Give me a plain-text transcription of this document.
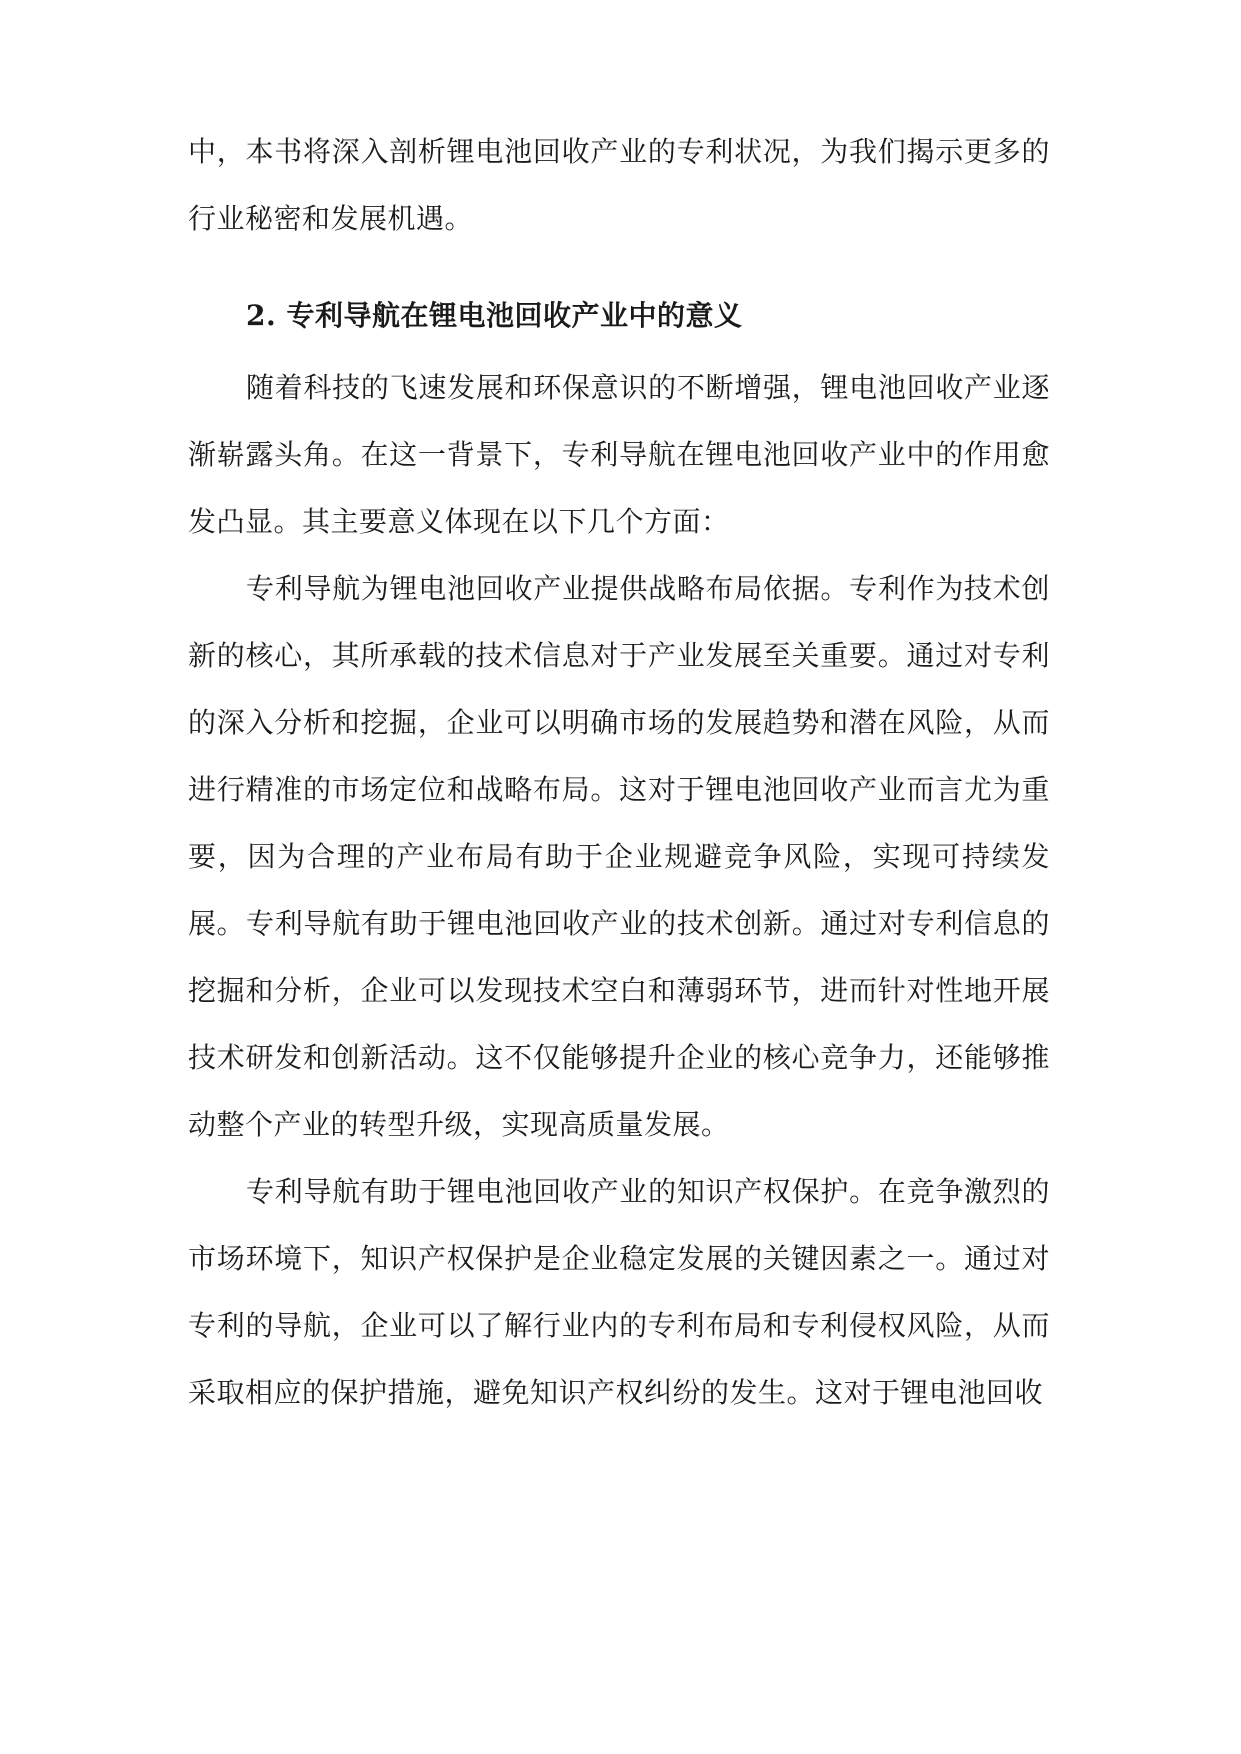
中，本书将深入剖析锂电池回收产业的专利状况，为我们揭示更多的行业秘密和发展机遇。

2. 专利导航在锂电池回收产业中的意义

随着科技的飞速发展和环保意识的不断增强，锂电池回收产业逐渐崭露头角。在这一背景下，专利导航在锂电池回收产业中的作用愈发凸显。其主要意义体现在以下几个方面：

专利导航为锂电池回收产业提供战略布局依据。专利作为技术创新的核心，其所承载的技术信息对于产业发展至关重要。通过对专利的深入分析和挖掘，企业可以明确市场的发展趋势和潜在风险，从而进行精准的市场定位和战略布局。这对于锂电池回收产业而言尤为重要，因为合理的产业布局有助于企业规避竞争风险，实现可持续发展。 专利导航有助于锂电池回收产业的技术创新。通过对专利信息的挖掘和分析，企业可以发现技术空白和薄弱环节，进而针对性地开展技术研发和创新活动。这不仅能够提升企业的核心竞争力，还能够推动整个产业的转型升级，实现高质量发展。

专利导航有助于锂电池回收产业的知识产权保护。在竞争激烈的市场环境下，知识产权保护是企业稳定发展的关键因素之一。通过对专利的导航，企业可以了解行业内的专利布局和专利侵权风险，从而采取相应的保护措施，避免知识产权纠纷的发生。这对于锂电池回收
